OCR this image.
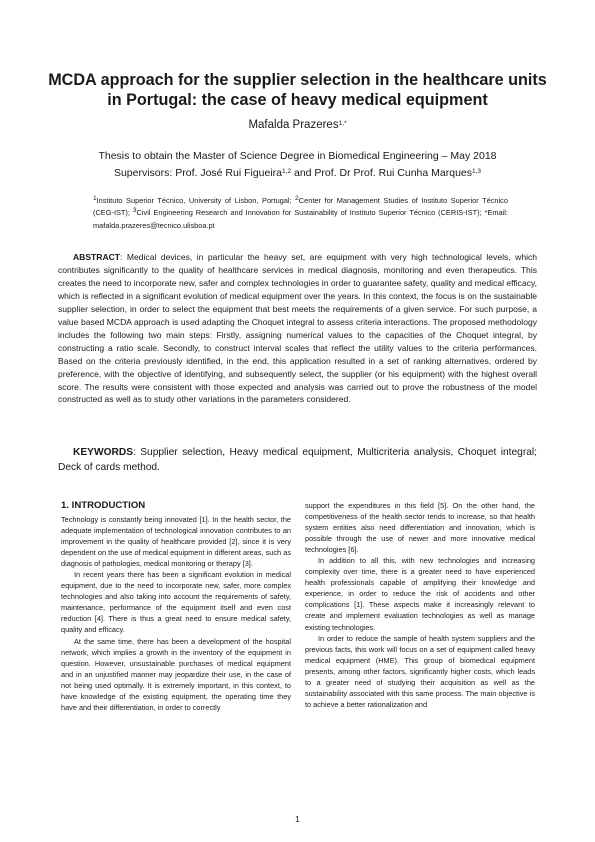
MCDA approach for the supplier selection in the healthcare units in Portugal: the case of heavy medical equipment
Mafalda Prazeres$^{1,*}$
Thesis to obtain the Master of Science Degree in Biomedical Engineering – May 2018
Supervisors: Prof. José Rui Figueira$^{1,2}$ and Prof. Dr Prof. Rui Cunha Marques$^{1,3}$
$^1$Instituto Superior Técnico, University of Lisbon, Portugal; $^2$Center for Management Studies of Instituto Superior Técnico (CEG-IST); $^3$Civil Engineering Research and Innovation for Sustainability of Instituto Superior Técnico (CERIS-IST); *Email: mafalda.prazeres@tecnico.ulisboa.pt

ABSTRACT: Medical devices, in particular the heavy set, are equipment with very high technological levels, which contributes significantly to the quality of healthcare services in medical diagnosis, monitoring and even therapeutics. This creates the need to incorporate new, safer and complex technologies in order to guarantee safety, quality and medical efficacy, which is reflected in a significant evolution of medical equipment over the years. In this context, the focus is on the sustainable supplier selection, in order to select the equipment that best meets the requirements of a given service. For such purpose, a value based MCDA approach is used adapting the Choquet integral to assess criteria interactions. The proposed methodology includes the following two main steps: Firstly, assigning numerical values to the capacities of the Choquet integral, by constructing a ratio scale. Secondly, to construct interval scales that reflect the utility values to the criteria performances. Based on the criteria previously identified, in the end, this application resulted in a set of ranking alternatives, ordered by preference, with the objective of identifying, and subsequently select, the supplier (or his equipment) with the highest overall score. The results were consistent with those expected and analysis was carried out to prove the robustness of the model constructed as well as to study other variations in the parameters considered.

KEYWORDS: Supplier selection, Heavy medical equipment, Multicriteria analysis, Choquet integral; Deck of cards method.

1. INTRODUCTION

Technology is constantly being innovated [1]. In the health sector, the adequate implementation of technological innovation contributes to an improvement in the quality of healthcare provided [2], since it is very dependent on the use of medical equipment in different areas, such as diagnosis of pathologies, medical monitoring or therapy [3].

In recent years there has been a significant evolution in medical equipment, due to the need to incorporate new, safer, more complex technologies and also taking into account the requirements of safety, maintenance, performance of the equipment itself and even cost reduction [4]. There is thus a great need to ensure medical safety, quality and efficacy.

At the same time, there has been a development of the hospital network, which implies a growth in the inventory of the equipment in question. However, unsustainable purchases of medical equipment and in an unjustified manner may jeopardize their use, in the case of not being used optimally. It is extremely important, in this context, to have knowledge of the existing equipment, the operating time they have and their differentiation, in order to correctly

support the expenditures in this field [5]. On the other hand, the competitiveness of the health sector tends to increase, so that health system entities also need differentiation and innovation, which is possible through the use of newer and more innovative medical technologies [6].

In addition to all this, with new technologies and increasing complexity over time, there is a greater need to have experienced health professionals capable of amplifying their knowledge and experience, in order to reduce the risk of accidents and other complications [1]. These aspects make it increasingly relevant to create and implement evaluation technologies as well as manage existing technologies.

In order to reduce the sample of health system suppliers and the previous facts, this work will focus on a set of equipment called heavy medical equipment (HME). This group of biomedical equipment presents, among other factors, significantly higher costs, which leads to a greater need of studying their acquisition as well as the sustainability associated with this same process. The main objective is to achieve a better rationalization and

1
